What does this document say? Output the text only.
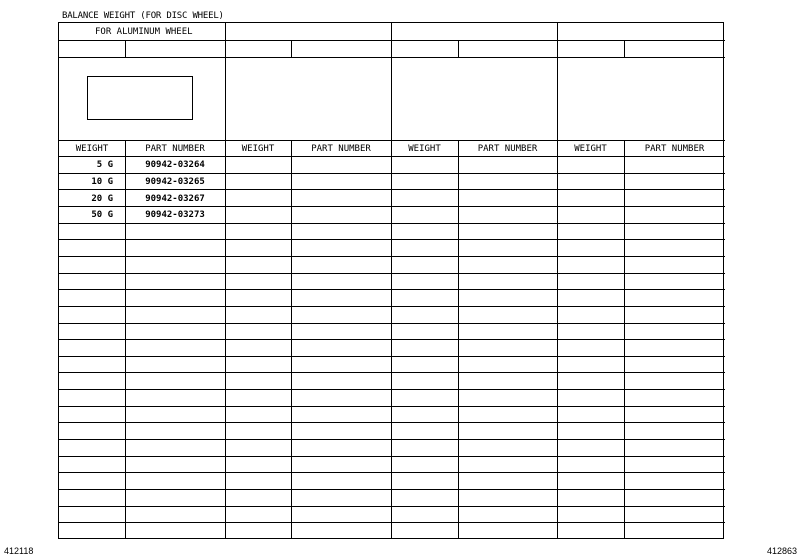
BALANCE WEIGHT (FOR DISC WHEEL)
FOR ALUMINUM WHEEL
WEIGHT	PART NUMBER	WEIGHT	PART NUMBER	WEIGHT	PART NUMBER	WEIGHT	PART NUMBER
5 G	90942-03264
10 G	90942-03265
20 G	90942-03267
50 G	90942-03273
412118	412863
